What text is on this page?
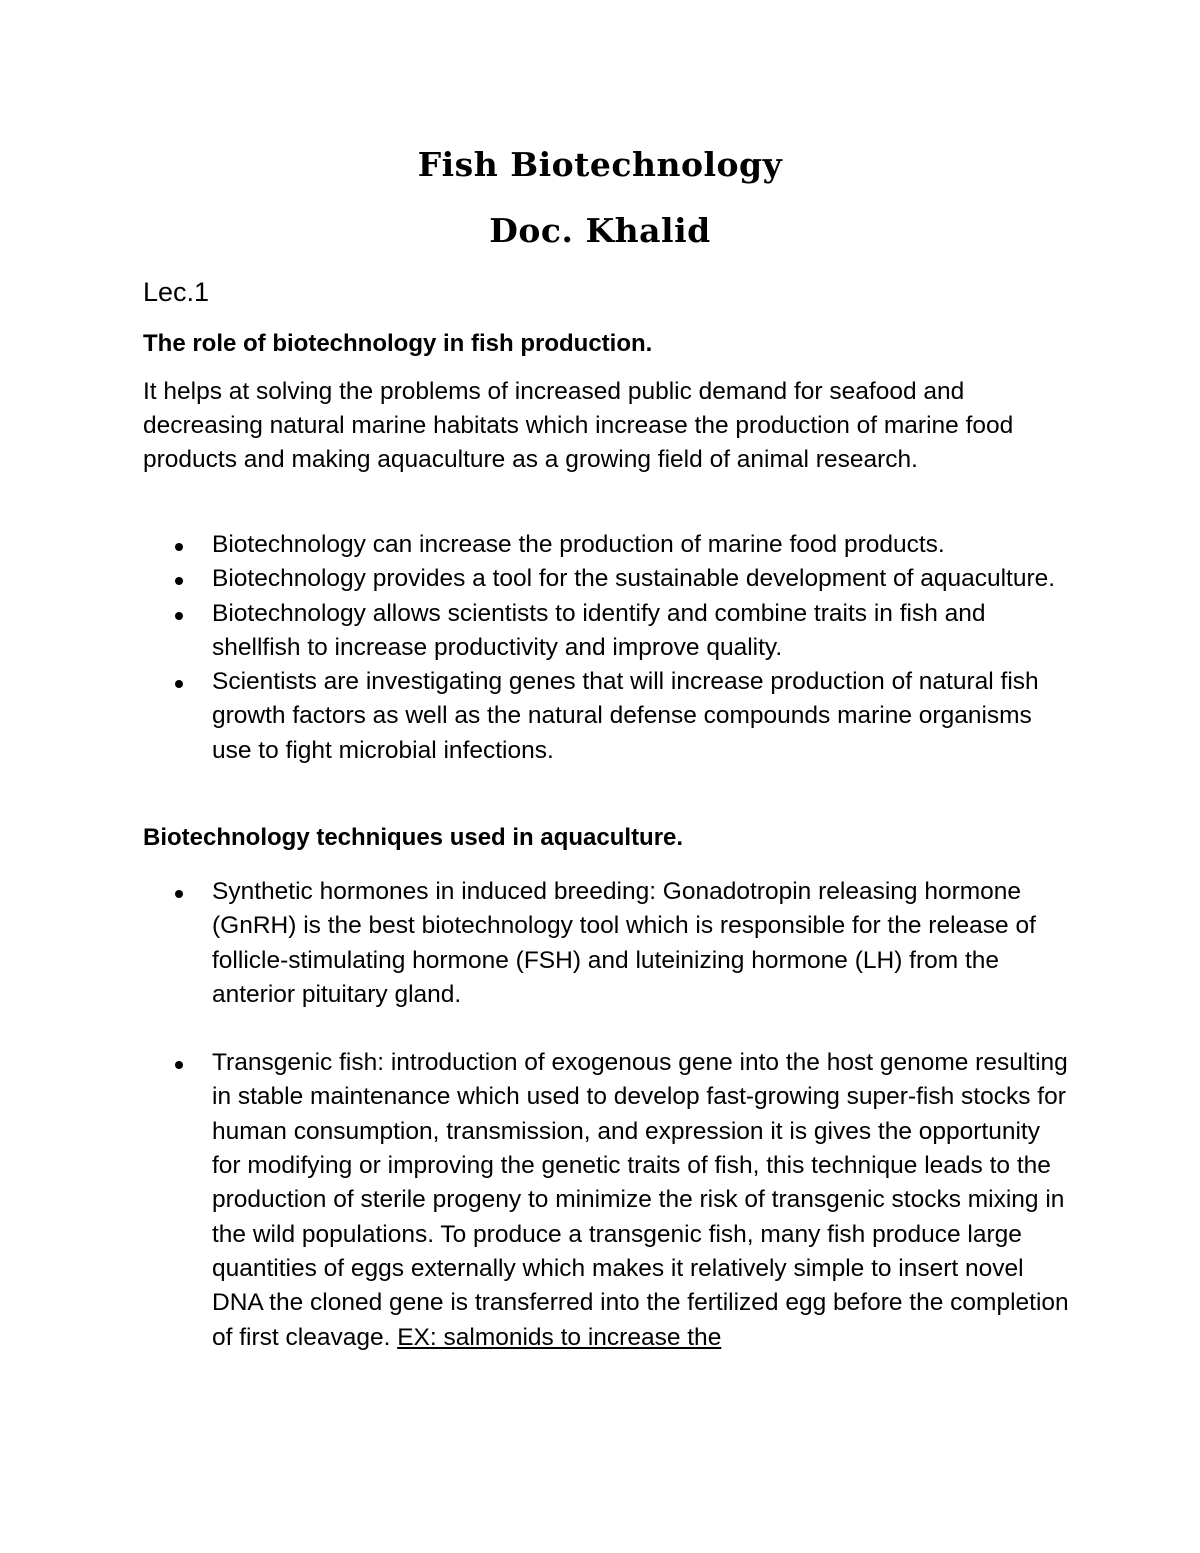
Fish Biotechnology
Doc. Khalid
Lec.1
The role of biotechnology in fish production.
It helps at solving the problems of increased public demand for seafood and decreasing natural marine habitats which increase the production of marine food products and making aquaculture as a growing field of animal research.
Biotechnology can increase the production of marine food products.
Biotechnology provides a tool for the sustainable development of aquaculture.
Biotechnology allows scientists to identify and combine traits in fish and shellfish to increase productivity and improve quality.
Scientists are investigating genes that will increase production of natural fish growth factors as well as the natural defense compounds marine organisms use to fight microbial infections.
Biotechnology techniques used in aquaculture.
Synthetic hormones in induced breeding: Gonadotropin releasing hormone (GnRH) is the best biotechnology tool which is responsible for the release of follicle-stimulating hormone (FSH) and luteinizing hormone (LH) from the anterior pituitary gland.
Transgenic fish: introduction of exogenous gene into the host genome resulting in stable maintenance which used to develop fast-growing super-fish stocks for human consumption, transmission, and expression it is gives the opportunity for modifying or improving the genetic traits of fish, this technique leads to the production of sterile progeny to minimize the risk of transgenic stocks mixing in the wild populations. To produce a transgenic fish, many fish produce large quantities of eggs externally which makes it relatively simple to insert novel DNA the cloned gene is transferred into the fertilized egg before the completion of first cleavage. EX: salmonids to increase the
